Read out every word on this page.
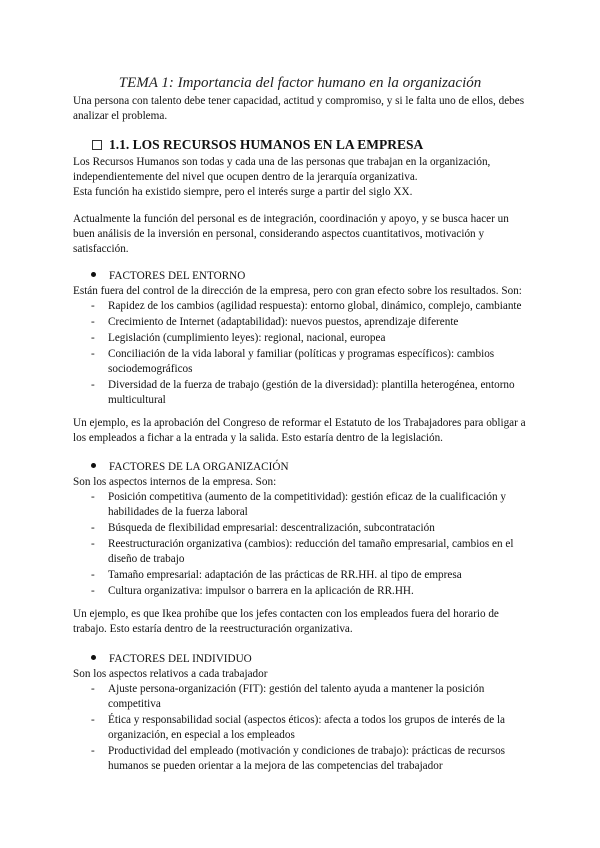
TEMA 1: Importancia del factor humano en la organización
Una persona con talento debe tener capacidad, actitud y compromiso, y si le falta uno de ellos, debes
analizar el problema.
1.1. LOS RECURSOS HUMANOS EN LA EMPRESA
Los Recursos Humanos son todas y cada una de las personas que trabajan en la organización,
independientemente del nivel que ocupen dentro de la jerarquía organizativa.
Esta función ha existido siempre, pero el interés surge a partir del siglo XX.
Actualmente la función del personal es de integración, coordinación y apoyo, y se busca hacer un
buen análisis de la inversión en personal, considerando aspectos cuantitativos, motivación y
satisfacción.
FACTORES DEL ENTORNO
Están fuera del control de la dirección de la empresa, pero con gran efecto sobre los resultados. Son:
- Rapidez de los cambios (agilidad respuesta): entorno global, dinámico, complejo, cambiante
- Crecimiento de Internet (adaptabilidad): nuevos puestos, aprendizaje diferente
- Legislación (cumplimiento leyes): regional, nacional, europea
- Conciliación de la vida laboral y familiar (políticas y programas específicos): cambios
sociodemográficos
- Diversidad de la fuerza de trabajo (gestión de la diversidad): plantilla heterogénea, entorno
multicultural
Un ejemplo, es la aprobación del Congreso de reformar el Estatuto de los Trabajadores para obligar a
los empleados a fichar a la entrada y la salida. Esto estaría dentro de la legislación.
FACTORES DE LA ORGANIZACIÓN
Son los aspectos internos de la empresa. Son:
- Posición competitiva (aumento de la competitividad): gestión eficaz de la cualificación y
habilidades de la fuerza laboral
- Búsqueda de flexibilidad empresarial: descentralización, subcontratación
- Reestructuración organizativa (cambios): reducción del tamaño empresarial, cambios en el
diseño de trabajo
- Tamaño empresarial: adaptación de las prácticas de RR.HH. al tipo de empresa
- Cultura organizativa: impulsor o barrera en la aplicación de RR.HH.
Un ejemplo, es que Ikea prohíbe que los jefes contacten con los empleados fuera del horario de
trabajo. Esto estaría dentro de la reestructuración organizativa.
FACTORES DEL INDIVIDUO
Son los aspectos relativos a cada trabajador
- Ajuste persona-organización (FIT): gestión del talento ayuda a mantener la posición
competitiva
- Ética y responsabilidad social (aspectos éticos): afecta a todos los grupos de interés de la
organización, en especial a los empleados
- Productividad del empleado (motivación y condiciones de trabajo): prácticas de recursos
humanos se pueden orientar a la mejora de las competencias del trabajador
